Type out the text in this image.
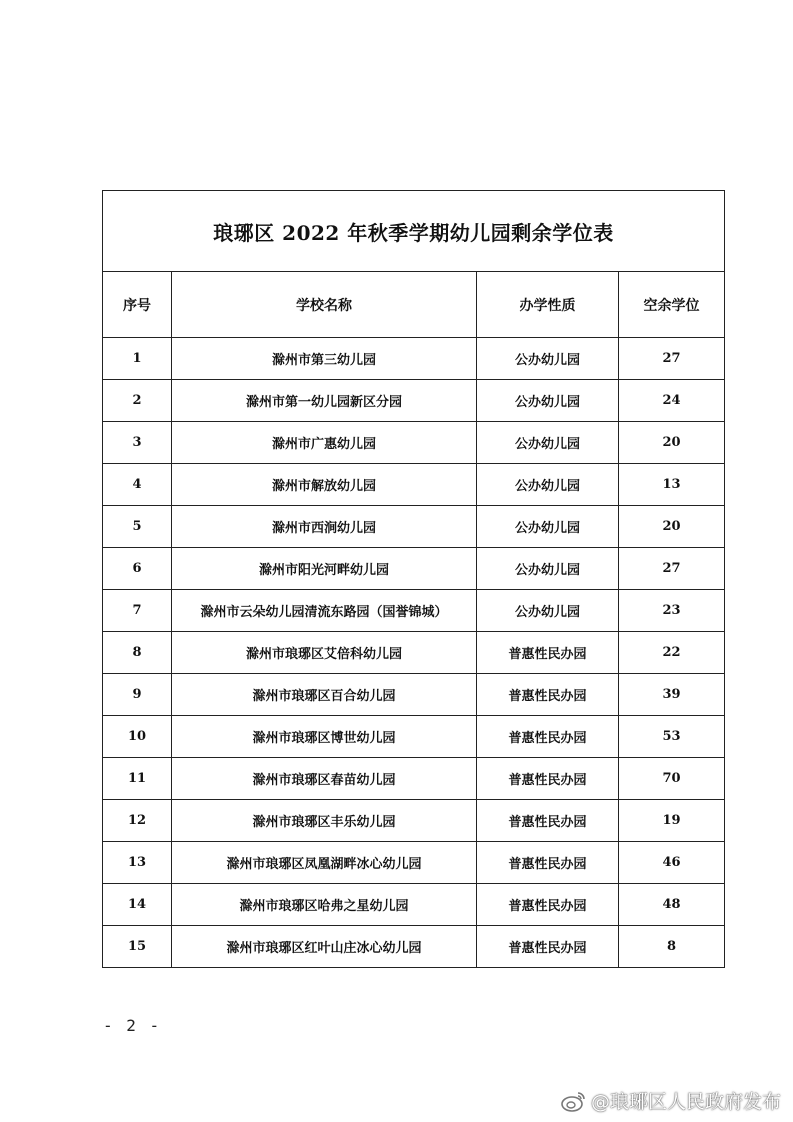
琅琊区 2022 年秋季学期幼儿园剩余学位表			
序号	学校名称	办学性质	空余学位
1	滁州市第三幼儿园	公办幼儿园	27
2	滁州市第一幼儿园新区分园	公办幼儿园	24
3	滁州市广惠幼儿园	公办幼儿园	20
4	滁州市解放幼儿园	公办幼儿园	13
5	滁州市西涧幼儿园	公办幼儿园	20
6	滁州市阳光河畔幼儿园	公办幼儿园	27
7	滁州市云朵幼儿园清流东路园（国誉锦城）	公办幼儿园	23
8	滁州市琅琊区艾倍科幼儿园	普惠性民办园	22
9	滁州市琅琊区百合幼儿园	普惠性民办园	39
10	滁州市琅琊区博世幼儿园	普惠性民办园	53
11	滁州市琅琊区春苗幼儿园	普惠性民办园	70
12	滁州市琅琊区丰乐幼儿园	普惠性民办园	19
13	滁州市琅琊区凤凰湖畔冰心幼儿园	普惠性民办园	46
14	滁州市琅琊区哈弗之星幼儿园	普惠性民办园	48
15	滁州市琅琊区红叶山庄冰心幼儿园	普惠性民办园	8
- 2 -
@琅琊区人民政府发布
